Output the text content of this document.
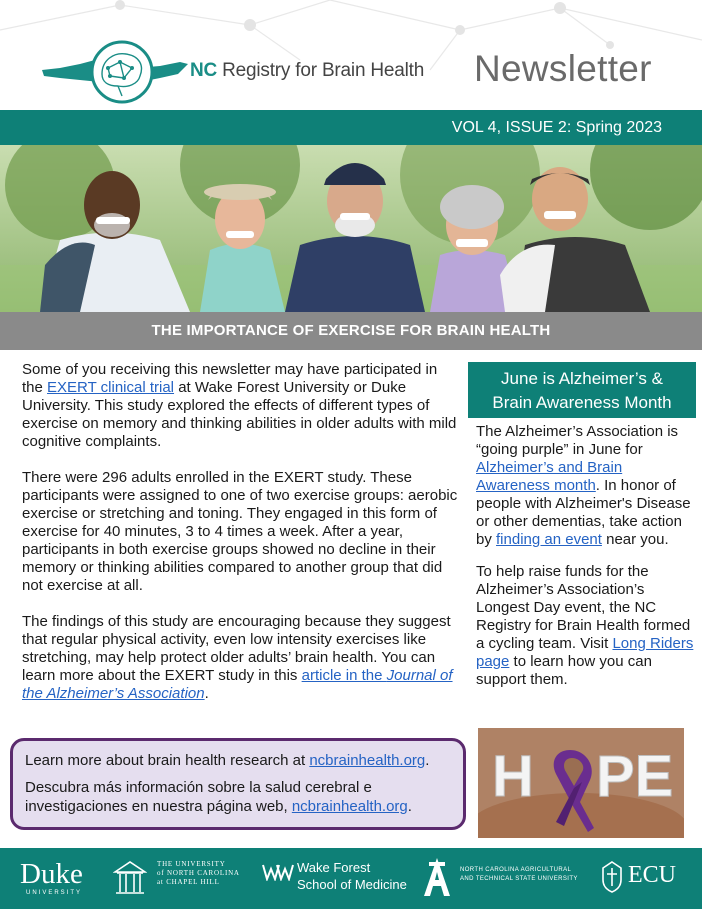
NC Registry for Brain Health Newsletter
VOL 4, ISSUE 2: Spring 2023
THE IMPORTANCE OF EXERCISE FOR BRAIN HEALTH

Some of you receiving this newsletter may have participated in the EXERT clinical trial at Wake Forest University or Duke University. This study explored the effects of different types of exercise on memory and thinking abilities in older adults with mild cognitive complaints.

There were 296 adults enrolled in the EXERT study. These participants were assigned to one of two exercise groups: aerobic exercise or stretching and toning. They engaged in this form of exercise for 40 minutes, 3 to 4 times a week. After a year, participants in both exercise groups showed no decline in their memory or thinking abilities compared to another group that did not exercise at all.

The findings of this study are encouraging because they suggest that regular physical activity, even low intensity exercises like stretching, may help protect older adults’ brain health. You can learn more about the EXERT study in this article in the Journal of the Alzheimer’s Association.

June is Alzheimer’s &
Brain Awareness Month

The Alzheimer’s Association is “going purple” in June for Alzheimer’s and Brain Awareness month. In honor of people with Alzheimer's Disease or other dementias, take action by finding an event near you.

To help raise funds for the Alzheimer’s Association’s Longest Day event, the NC Registry for Brain Health formed a cycling team. Visit Long Riders page to learn how you can support them.

Learn more about brain health research at ncbrainhealth.org.

Descubra más información sobre la salud cerebral e investigaciones en nuestra página web, ncbrainhealth.org.	H PE
Duke
UNIVERSITY
THE UNIVERSITY
of NORTH CAROLINA
at CHAPEL HILL
Wake Forest
School of Medicine
NORTH CAROLINA AGRICULTURAL
AND TECHNICAL STATE UNIVERSITY ECU
